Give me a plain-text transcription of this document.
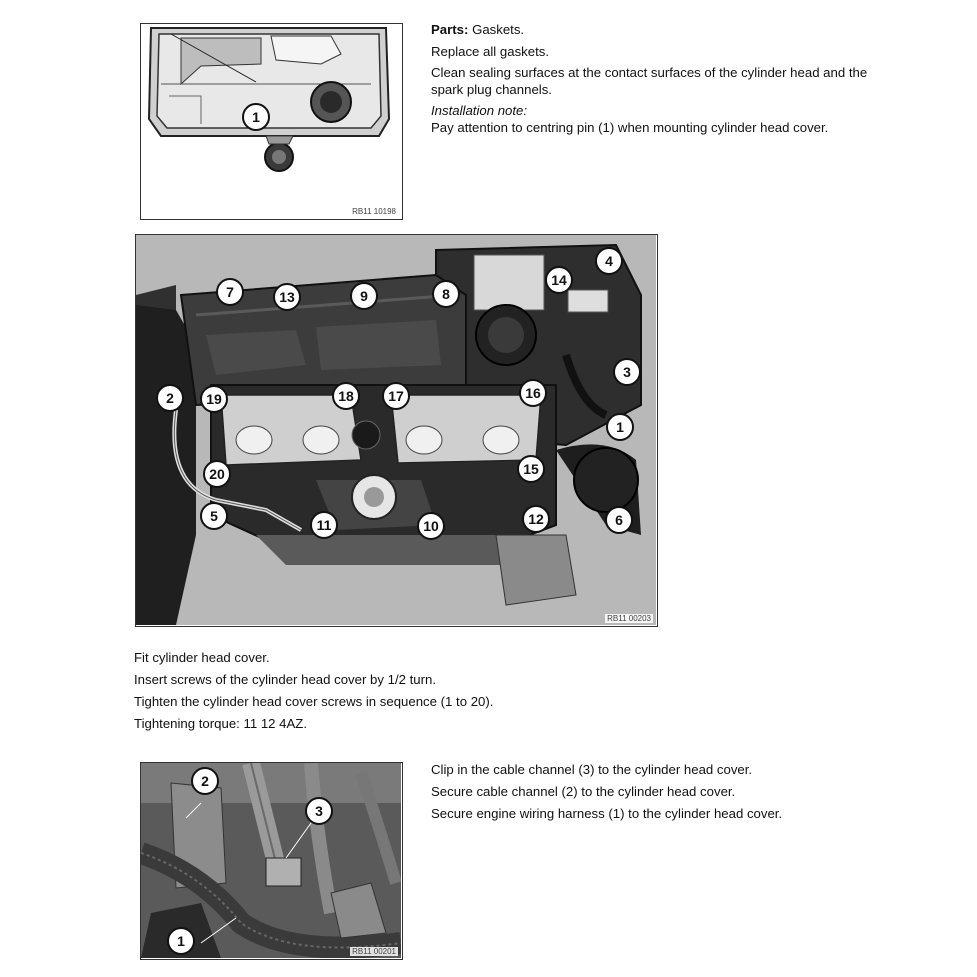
1
RB11 10198

Parts: Gaskets.

Replace all gaskets.

Clean sealing surfaces at the contact surfaces of the cylinder head and the spark plug channels.

Installation note:

Pay attention to centring pin (1) when mounting cylinder head cover.

7	13	9	8
14
4
3
2	19	18	17	16
1
20	15
5
11	10	12	6
RB11 00203

Fit cylinder head cover.

Insert screws of the cylinder head cover by 1/2 turn.

Tighten the cylinder head cover screws in sequence (1 to 20).

Tightening torque: 11 12 4AZ.

2
3
1
RB11 00201

Clip in the cable channel (3) to the cylinder head cover.

Secure cable channel (2) to the cylinder head cover.

Secure engine wiring harness (1) to the cylinder head cover.
